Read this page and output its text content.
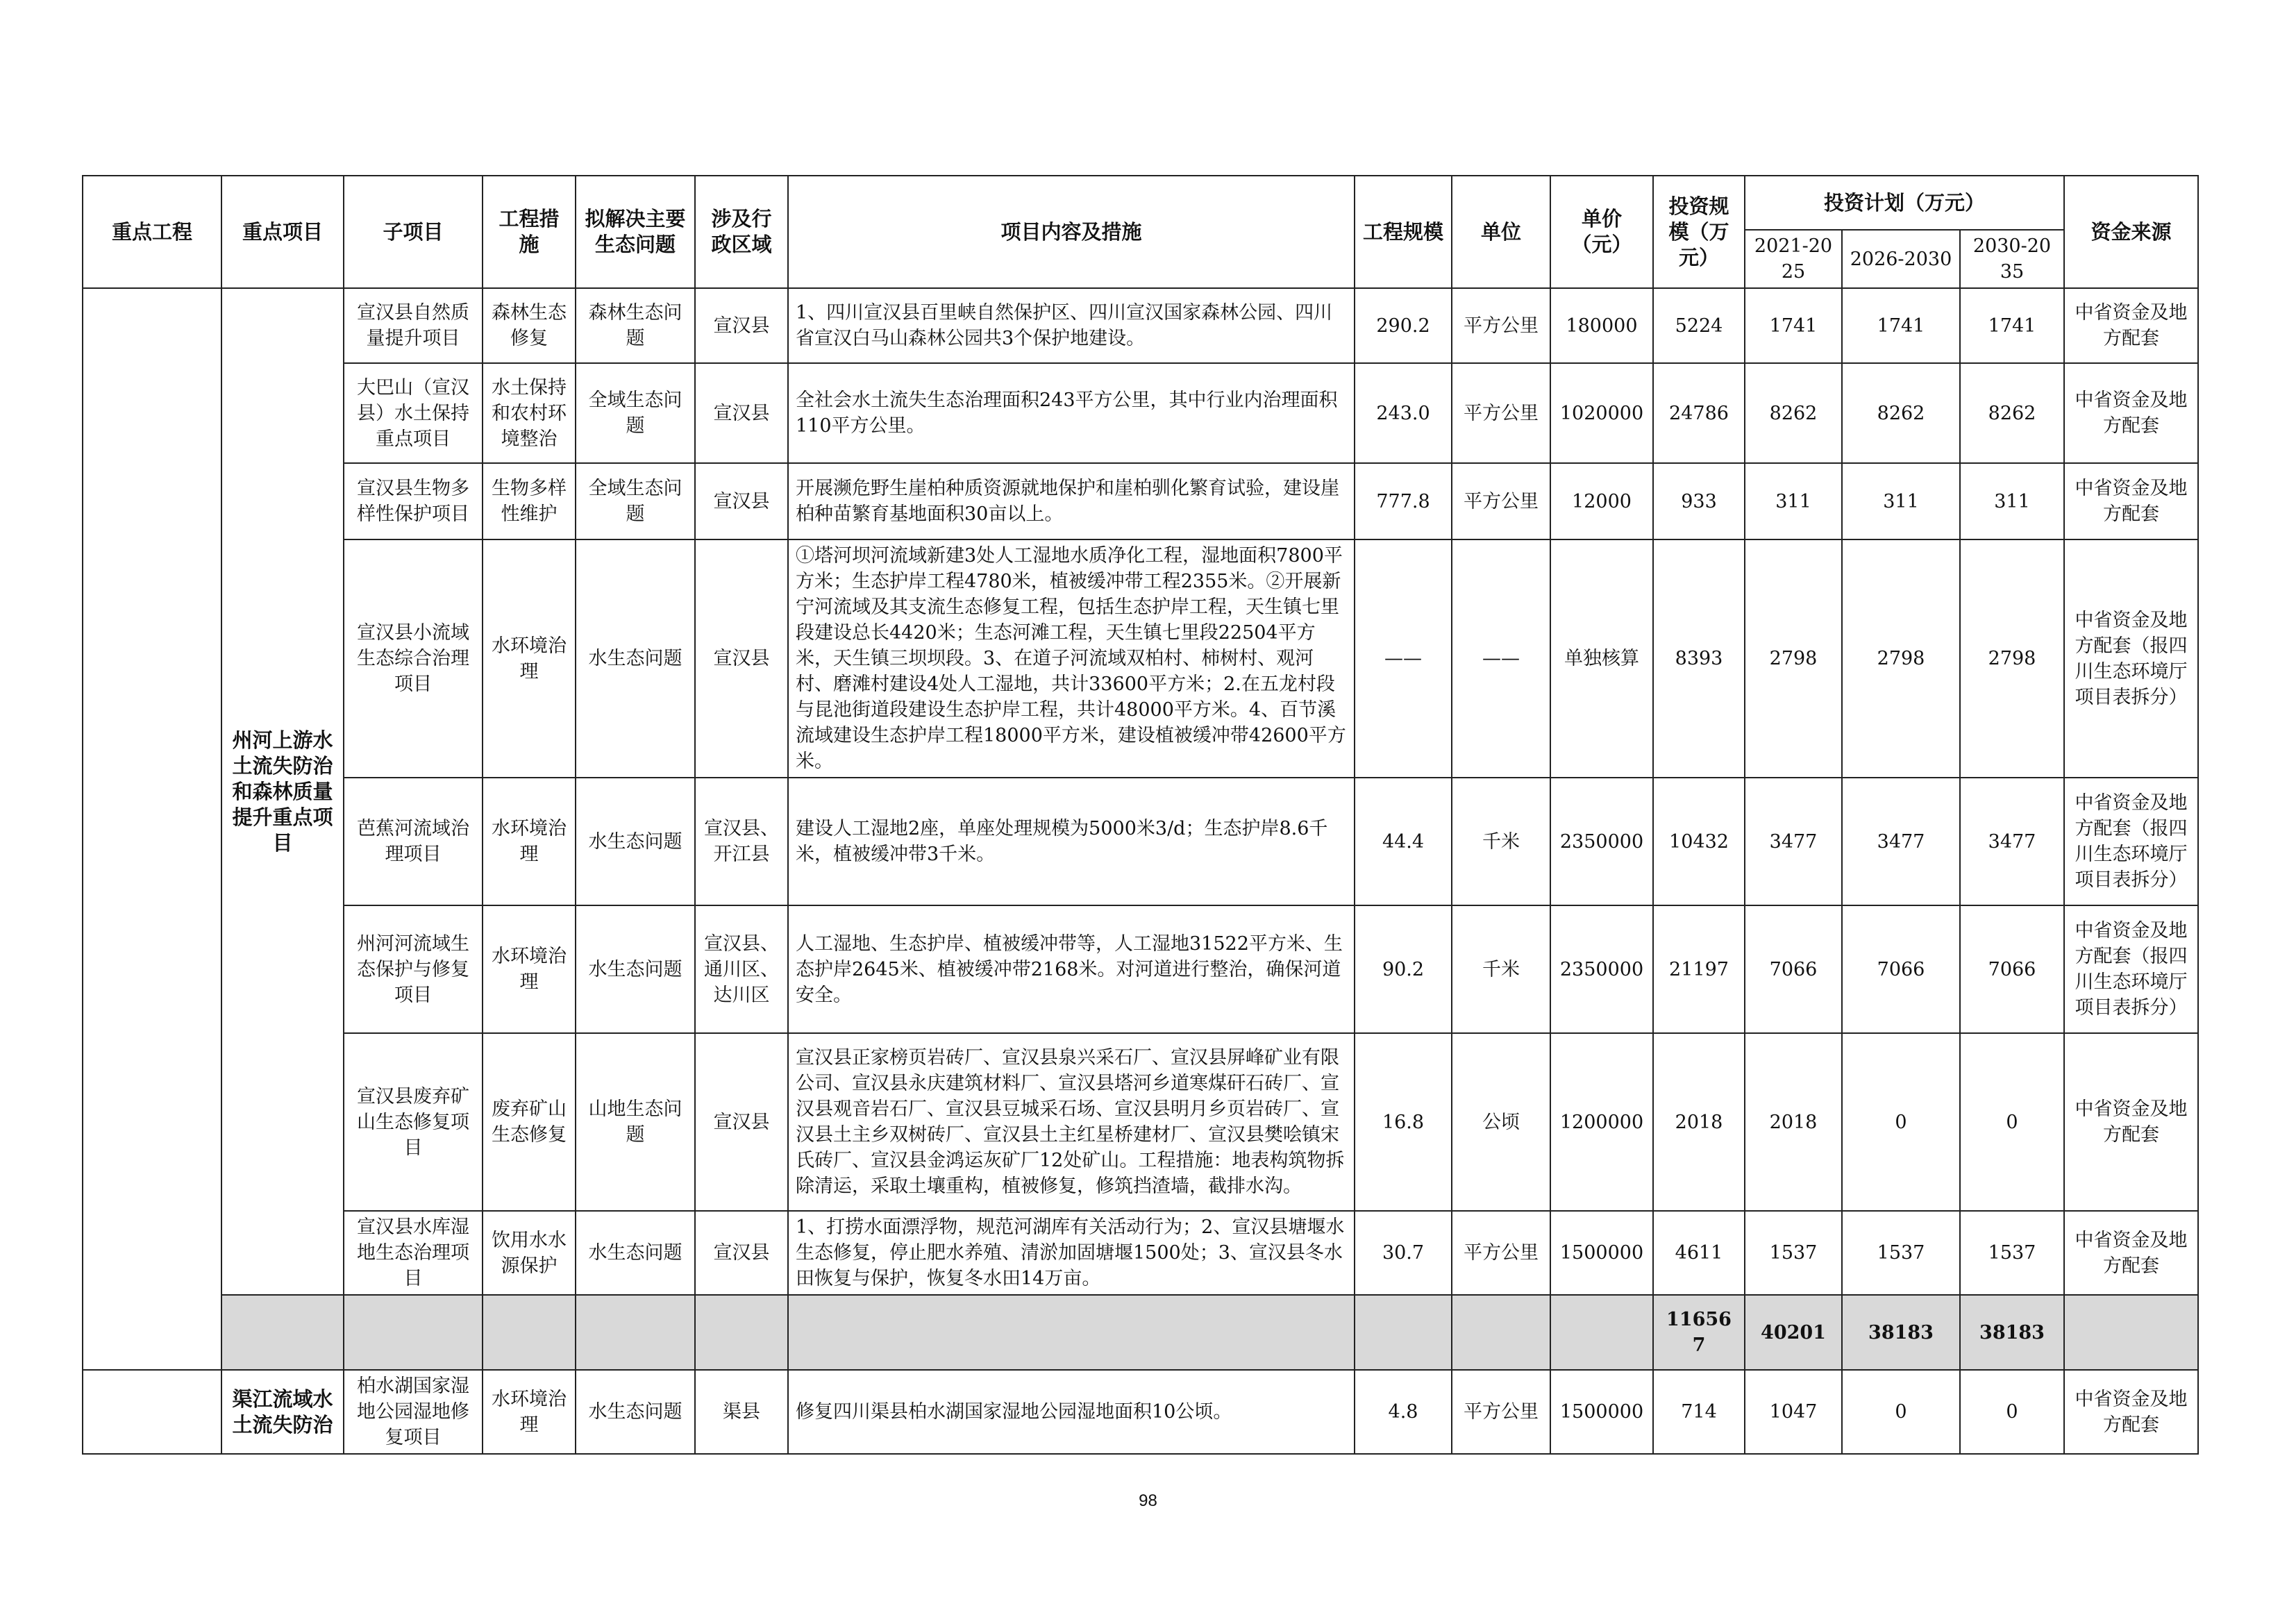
重点工程	重点项目	子项目	工程措施	拟解决主要生态问题	涉及行政区域	项目内容及措施	工程规模	单位	单价（元）	投资规模（万元）	投资计划（万元）			资金来源
											2021-2025	2026-2030	2030-2035	
	州河上游水土流失防治和森林质量提升重点项目	宣汉县自然质量提升项目	森林生态修复	森林生态问题	宣汉县	1、四川宣汉县百里峡自然保护区、四川宣汉国家森林公园、四川省宣汉白马山森林公园共3个保护地建设。	290.2	平方公里	180000	5224	1741	1741	1741	中省资金及地方配套
		大巴山（宣汉县）水土保持重点项目	水土保持和农村环境整治	全域生态问题	宣汉县	全社会水土流失生态治理面积243平方公里，其中行业内治理面积110平方公里。	243.0	平方公里	1020000	24786	8262	8262	8262	中省资金及地方配套
		宣汉县生物多样性保护项目	生物多样性维护	全域生态问题	宣汉县	开展濒危野生崖柏种质资源就地保护和崖柏驯化繁育试验，建设崖柏种苗繁育基地面积30亩以上。	777.8	平方公里	12000	933	311	311	311	中省资金及地方配套
		宣汉县小流域生态综合治理项目	水环境治理	水生态问题	宣汉县	①塔河坝河流域新建3处人工湿地水质净化工程，湿地面积7800平方米；生态护岸工程4780米，植被缓冲带工程2355米。②开展新宁河流域及其支流生态修复工程，包括生态护岸工程，天生镇七里段建设总长4420米；生态河滩工程，天生镇七里段22504平方米，天生镇三坝坝段。3、在道子河流域双柏村、柿树村、观河村、磨滩村建设4处人工湿地，共计33600平方米；2.在五龙村段与昆池街道段建设生态护岸工程，共计48000平方米。4、百节溪流域建设生态护岸工程18000平方米，建设植被缓冲带42600平方米。	——	——	单独核算	8393	2798	2798	2798	中省资金及地方配套（报四川生态环境厅项目表拆分）
		芭蕉河流域治理项目	水环境治理	水生态问题	宣汉县、开江县	建设人工湿地2座，单座处理规模为5000米3/d；生态护岸8.6千米，植被缓冲带3千米。	44.4	千米	2350000	10432	3477	3477	3477	中省资金及地方配套（报四川生态环境厅项目表拆分）
		州河河流域生态保护与修复项目	水环境治理	水生态问题	宣汉县、通川区、达川区	人工湿地、生态护岸、植被缓冲带等，人工湿地31522平方米、生态护岸2645米、植被缓冲带2168米。对河道进行整治，确保河道安全。	90.2	千米	2350000	21197	7066	7066	7066	中省资金及地方配套（报四川生态环境厅项目表拆分）
		宣汉县废弃矿山生态修复项目	废弃矿山生态修复	山地生态问题	宣汉县	宣汉县正家榜页岩砖厂、宣汉县泉兴采石厂、宣汉县屏峰矿业有限公司、宣汉县永庆建筑材料厂、宣汉县塔河乡道寒煤矸石砖厂、宣汉县观音岩石厂、宣汉县豆城采石场、宣汉县明月乡页岩砖厂、宣汉县土主乡双树砖厂、宣汉县土主红星桥建材厂、宣汉县樊哙镇宋氏砖厂、宣汉县金鸿运灰矿厂12处矿山。工程措施：地表构筑物拆除清运，采取土壤重构，植被修复，修筑挡渣墙，截排水沟。	16.8	公顷	1200000	2018	2018	0	0	中省资金及地方配套
		宣汉县水库湿地生态治理项目	饮用水水源保护	水生态问题	宣汉县	1、打捞水面漂浮物，规范河湖库有关活动行为；2、宣汉县塘堰水生态修复，停止肥水养殖、清淤加固塘堰1500处；3、宣汉县冬水田恢复与保护，恢复冬水田14万亩。	30.7	平方公里	1500000	4611	1537	1537	1537	中省资金及地方配套
										116567	40201	38183	38183	
	渠江流域水土流失防治	柏水湖国家湿地公园湿地修复项目	水环境治理	水生态问题	渠县	修复四川渠县柏水湖国家湿地公园湿地面积10公顷。	4.8	平方公里	1500000	714	1047	0	0	中省资金及地方配套
98
